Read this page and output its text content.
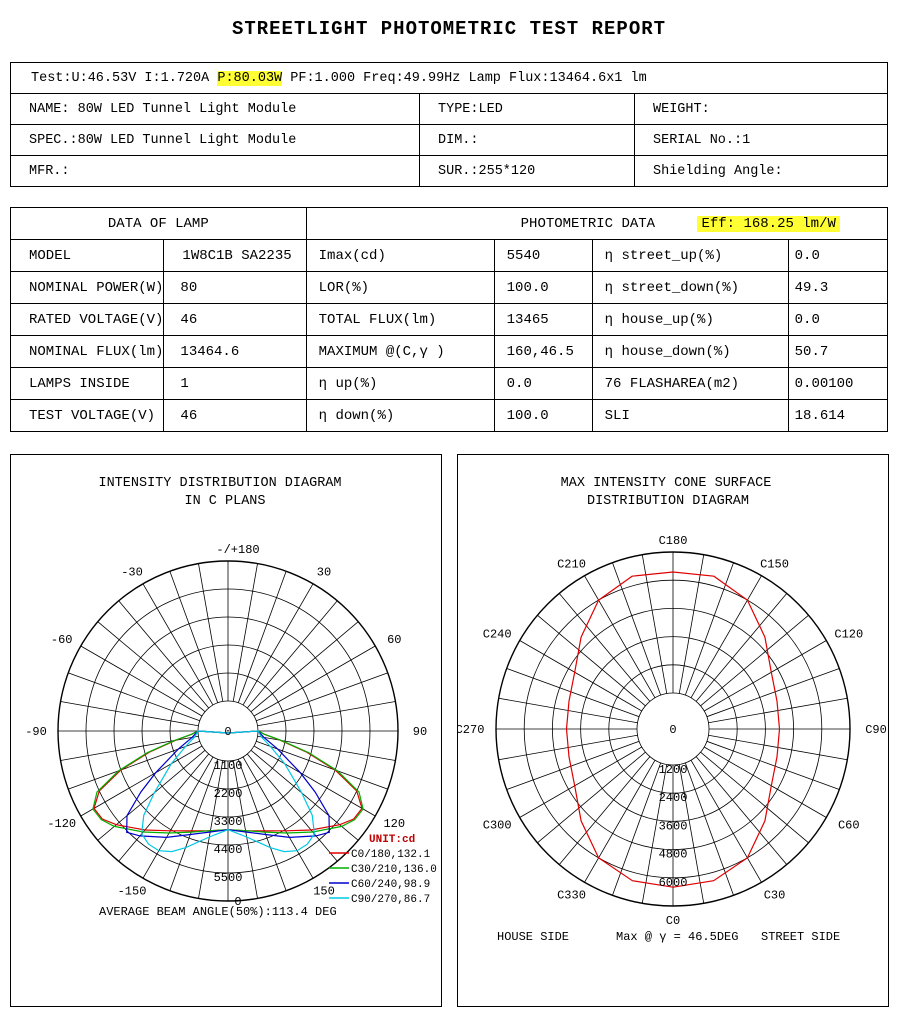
STREETLIGHT PHOTOMETRIC TEST REPORT
Test:U:46.53V I:1.720A P:80.03W PF:1.000 Freq:49.99Hz Lamp Flux:13464.6x1 lm		
NAME: 80W LED Tunnel Light Module	TYPE:LED	WEIGHT:
SPEC.:80W LED Tunnel Light Module	DIM.:	SERIAL No.:1
MFR.:	SUR.:255*120	Shielding Angle:
DATA OF LAMP		PHOTOMETRIC DATA Eff: 168.25 lm/W			
MODEL	1W8C1B SA2235	Imax(cd)	5540	η street_up(%)	0.0
NOMINAL POWER(W)	80	LOR(%)	100.0	η street_down(%)	49.3
RATED VOLTAGE(V)	46	TOTAL FLUX(lm)	13465	η house_up(%)	0.0
NOMINAL FLUX(lm)	13464.6	MAXIMUM @(C,γ )	160,46.5	η house_down(%)	50.7
LAMPS INSIDE	1	η up(%)	0.0	76 FLASHAREA(m2)	0.00100
TEST VOLTAGE(V)	46	η down(%)	100.0	SLI	18.614
INTENSITY DISTRIBUTION DIAGRAM
IN C PLANS
0
1100
2200
3300
4400
5500
-/+180
-150	150
-120	120
-90	90
-60	60
-30	30
0
UNIT:cd
C0/180,132.1
C30/210,136.0
C60/240,98.9
C90/270,86.7
AVERAGE BEAM ANGLE(50%):113.4 DEG
MAX INTENSITY CONE SURFACE
DISTRIBUTION DIAGRAM
0
1200
2400
3600
4800
6000
C180
C210	C150
C240	C120
C270	C90
C300	C60
C330	C30
C0
HOUSE SIDE	Max @ γ = 46.5DEG STREET SIDE
